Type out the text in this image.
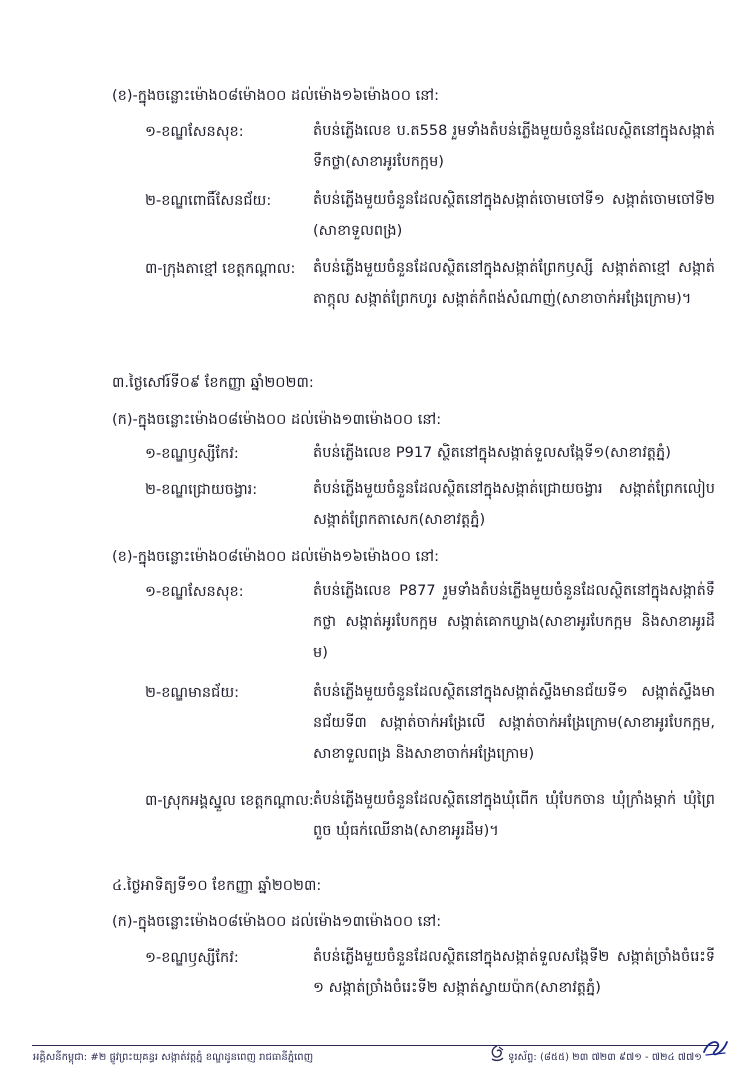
(ខ)-ក្នុងចន្លោះម៉ោង០៨ម៉ោង០០ ដល់ម៉ោង១៦ម៉ោង០០ នៅ:
១-ខណ្ឌសែនសុខ:	តំបន់ភ្លើងលេខ ប.ត558 រួមទាំងតំបន់ភ្លើងមួយចំនួនដែលស្ថិតនៅក្នុងសង្កាត់ទឹកថ្លា(សាខាអូរបែកក្អម)
២-ខណ្ឌពោធិ៍សែនជ័យ:	តំបន់ភ្លើងមួយចំនួនដែលស្ថិតនៅក្នុងសង្កាត់ចោមចៅទី១ សង្កាត់ចោមចៅទី២(សាខាទួលពង្រ)
៣-ក្រុងតាខ្មៅ ខេត្តកណ្តាល: តំបន់ភ្លើងមួយចំនួនដែលស្ថិតនៅក្នុងសង្កាត់ព្រែកឫស្សី សង្កាត់តាខ្មៅ សង្កាត់តាក្តុល សង្កាត់ព្រែកហូរ សង្កាត់កំពង់សំណាញ់(សាខាចាក់អង្រែក្រោម)។
៣.ថ្ងៃសៅរ៍ទី០៩ ខែកញ្ញា ឆ្នាំ២០២៣:
(ក)-ក្នុងចន្លោះម៉ោង០៨ម៉ោង០០ ដល់ម៉ោង១៣ម៉ោង០០ នៅ:
១-ខណ្ឌឫស្សីកែវ:	តំបន់ភ្លើងលេខ P917 ស្ថិតនៅក្នុងសង្កាត់ទួលសង្កែទី១(សាខាវត្តភ្នំ)
២-ខណ្ឌជ្រោយចង្វារ:	តំបន់ភ្លើងមួយចំនួនដែលស្ថិតនៅក្នុងសង្កាត់ជ្រោយចង្វារ សង្កាត់ព្រែកលៀប សង្កាត់ព្រែកតាសេក(សាខាវត្តភ្នំ)
(ខ)-ក្នុងចន្លោះម៉ោង០៨ម៉ោង០០ ដល់ម៉ោង១៦ម៉ោង០០ នៅ:
១-ខណ្ឌសែនសុខ:	តំបន់ភ្លើងលេខ P877 រួមទាំងតំបន់ភ្លើងមួយចំនួនដែលស្ថិតនៅក្នុងសង្កាត់ទឹកថ្លា សង្កាត់អូរបែកក្អម សង្កាត់គោកឃ្លាង(សាខាអូរបែកក្អម និងសាខាអូរដឹម)
២-ខណ្ឌមានជ័យ:	តំបន់ភ្លើងមួយចំនួនដែលស្ថិតនៅក្នុងសង្កាត់ស្ទឹងមានជ័យទី១ សង្កាត់ស្ទឹងមានជ័យទី៣ សង្កាត់ចាក់អង្រែលើ សង្កាត់ចាក់អង្រែក្រោម(សាខាអូរបែកក្អម, សាខាទួលពង្រ និងសាខាចាក់អង្រែក្រោម)
៣-ស្រុកអង្គស្នួល ខេត្តកណ្តាល: តំបន់ភ្លើងមួយចំនួនដែលស្ថិតនៅក្នុងឃុំពើក ឃុំបែកចាន ឃុំក្រាំងម្កាក់ ឃុំព្រៃពួច ឃុំធក់ឈើនាង(សាខាអូរដឹម)។
៤.ថ្ងៃអាទិត្យទី១០ ខែកញ្ញា ឆ្នាំ២០២៣:
(ក)-ក្នុងចន្លោះម៉ោង០៨ម៉ោង០០ ដល់ម៉ោង១៣ម៉ោង០០ នៅ:
១-ខណ្ឌឫស្សីកែវ:	តំបន់ភ្លើងមួយចំនួនដែលស្ថិតនៅក្នុងសង្កាត់ទួលសង្កែទី២ សង្កាត់ច្រាំងចំរេះទី១ សង្កាត់ច្រាំងចំរេះទី២ សង្កាត់ស្វាយប៉ាក(សាខាវត្តភ្នំ)
អគ្គិសនីកម្ពុជា: #២ ផ្លូវព្រះយុគន្ធរ សង្កាត់វត្តភ្នំ ខណ្ឌដូនពេញ រាជធានីភ្នំពេញ	ទូរស័ព្ទ: (៨៥៥) ២៣ ៧២៣ ៩៧១ - ៧២៤ ៧៧១
